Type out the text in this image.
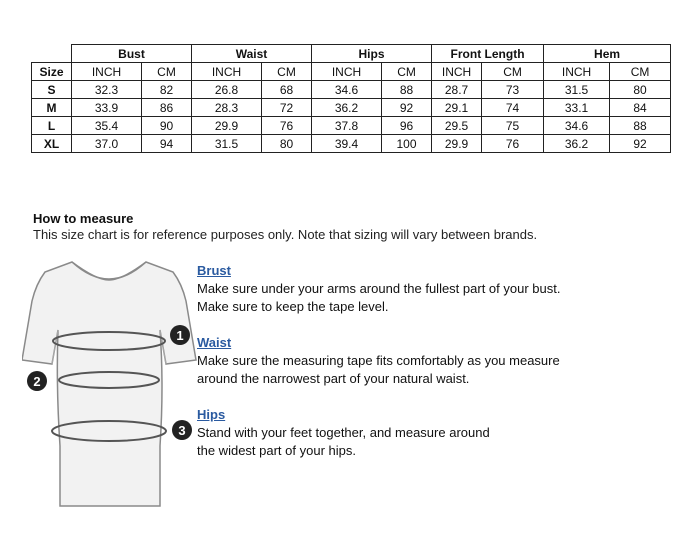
	Bust		Waist		Hips		Front Length		Hem	
Size	INCH	CM	INCH	CM	INCH	CM	INCH	CM	INCH	CM
S	32.3	82	26.8	68	34.6	88	28.7	73	31.5	80
M	33.9	86	28.3	72	36.2	92	29.1	74	33.1	84
L	35.4	90	29.9	76	37.8	96	29.5	75	34.6	88
XL	37.0	94	31.5	80	39.4	100	29.9	76	36.2	92
How to measure

This size chart is for reference purposes only. Note that sizing will vary between brands.

1
2
3
Brust
Make sure under your arms around the fullest part of your bust.
Make sure to keep the tape level.
Waist
Make sure the measuring tape fits comfortably as you measure
around the narrowest part of your natural waist.
Hips
Stand with your feet together, and measure around
the widest part of your hips.
